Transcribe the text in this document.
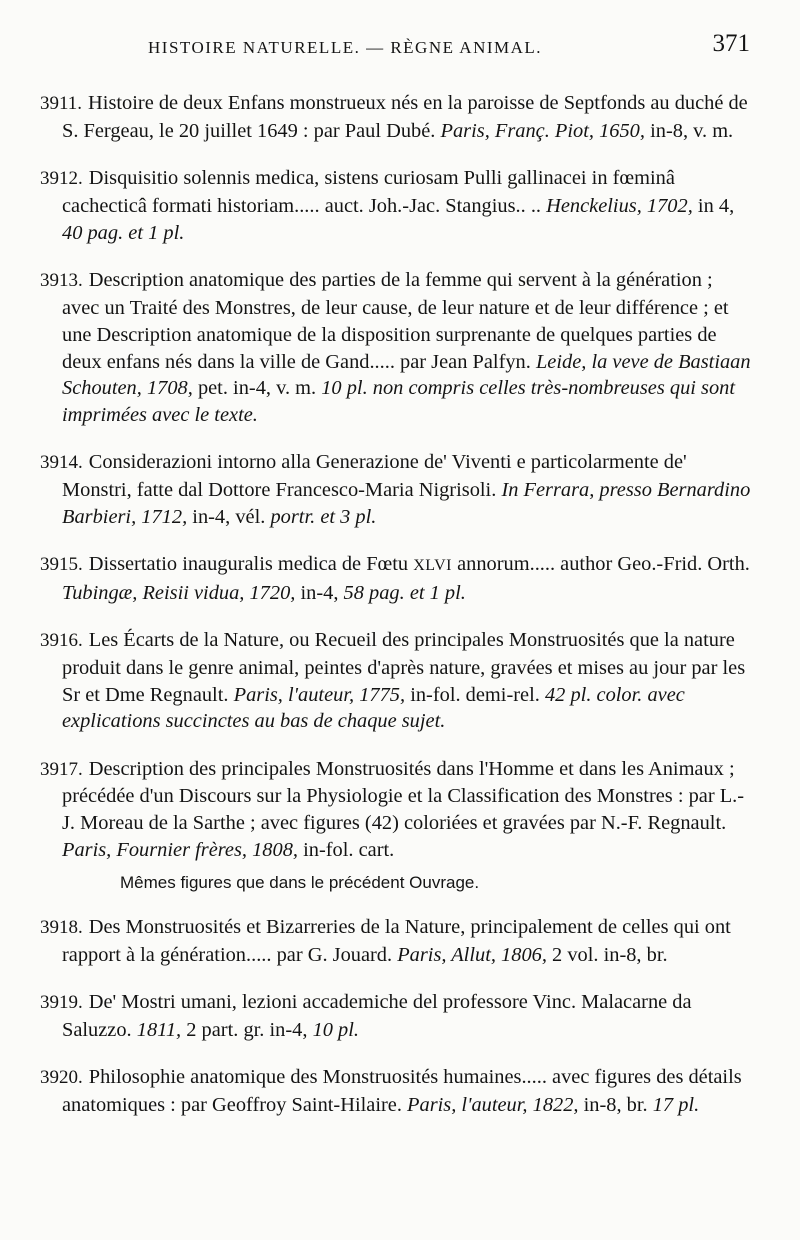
HISTOIRE NATURELLE. — RÈGNE ANIMAL.	371

3911. Histoire de deux Enfans monstrueux nés en la paroisse de Septfonds au duché de S. Fergeau, le 20 juillet 1649 : par Paul Dubé. Paris, Franç. Piot, 1650, in-8, v. m.

3912. Disquisitio solennis medica, sistens curiosam Pulli gallinacei in fœminâ cachecticâ formati historiam..... auct. Joh.-Jac. Stangius.. .. Henckelius, 1702, in 4, 40 pag. et 1 pl.

3913. Description anatomique des parties de la femme qui servent à la génération ; avec un Traité des Monstres, de leur cause, de leur nature et de leur différence ; et une Description anatomique de la disposition surprenante de quelques parties de deux enfans nés dans la ville de Gand..... par Jean Palfyn. Leide, la veve de Bastiaan Schouten, 1708, pet. in-4, v. m. 10 pl. non compris celles très-nombreuses qui sont imprimées avec le texte.

3914. Considerazioni intorno alla Generazione de' Viventi e particolarmente de' Monstri, fatte dal Dottore Francesco-Maria Nigrisoli. In Ferrara, presso Bernardino Barbieri, 1712, in-4, vél. portr. et 3 pl.

3915. Dissertatio inauguralis medica de Fœtu XLVI annorum..... author Geo.-Frid. Orth. Tubingæ, Reisii vidua, 1720, in-4, 58 pag. et 1 pl.

3916. Les Écarts de la Nature, ou Recueil des principales Monstruosités que la nature produit dans le genre animal, peintes d'après nature, gravées et mises au jour par les Sr et Dme Regnault. Paris, l'auteur, 1775, in-fol. demi-rel. 42 pl. color. avec explications succinctes au bas de chaque sujet.

3917. Description des principales Monstruosités dans l'Homme et dans les Animaux ; précédée d'un Discours sur la Physiologie et la Classification des Monstres : par L.-J. Moreau de la Sarthe ; avec figures (42) coloriées et gravées par N.-F. Regnault. Paris, Fournier frères, 1808, in-fol. cart.

Mêmes figures que dans le précédent Ouvrage.

3918. Des Monstruosités et Bizarreries de la Nature, principalement de celles qui ont rapport à la génération..... par G. Jouard. Paris, Allut, 1806, 2 vol. in-8, br.

3919. De' Mostri umani, lezioni accademiche del professore Vinc. Malacarne da Saluzzo. 1811, 2 part. gr. in-4, 10 pl.

3920. Philosophie anatomique des Monstruosités humaines..... avec figures des détails anatomiques : par Geoffroy Saint-Hilaire. Paris, l'auteur, 1822, in-8, br. 17 pl.
